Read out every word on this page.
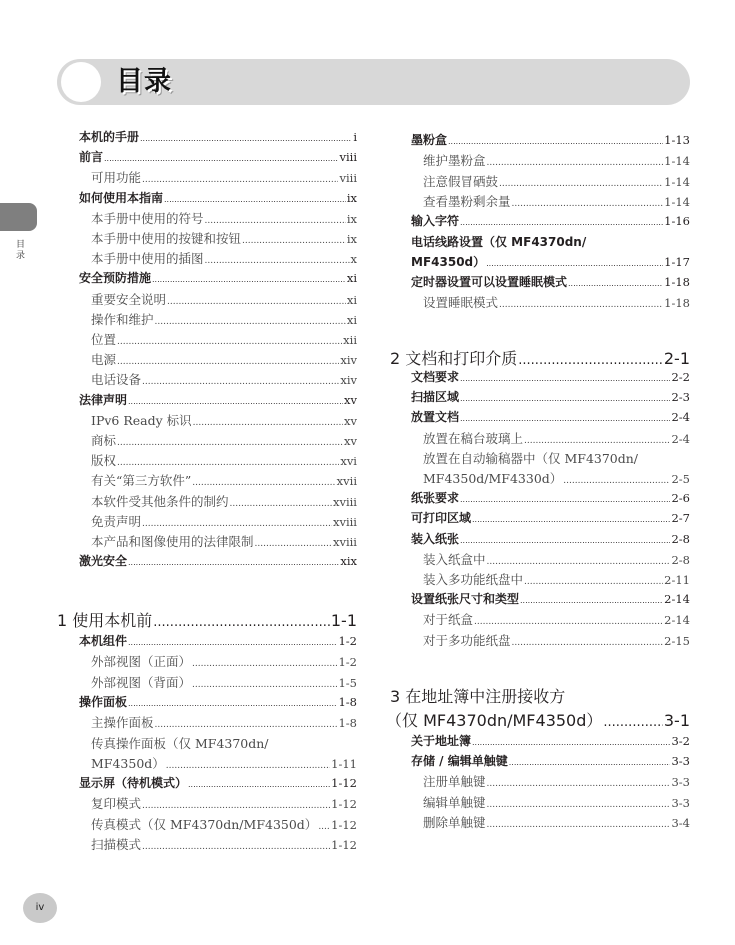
目录
目录
iv
本机的手册 .....	i
前言 .....	viii
可用功能 .....	viii
如何使用本指南 .....	ix
本手册中使用的符号 .....	ix
本手册中使用的按键和按钮 .....	ix
本手册中使用的插图 .....	x
安全预防措施 .....	xi
重要安全说明 .....	xi
操作和维护 .....	xi
位置 .....	xii
电源 .....	xiv
电话设备 .....	xiv
法律声明 .....	xv
IPv6 Ready 标识 .....	xv
商标 .....	xv
版权 .....	xvi
有关“第三方软件” .....	xvii
本软件受其他条件的制约 .....	xviii
免责声明 .....	xviii
本产品和图像使用的法律限制 .....	xviii
激光安全 .....	xix
1 使用本机前 .....	1-1
本机组件 .....	1-2
外部视图（正面） .....	1-2
外部视图（背面） .....	1-5
操作面板 .....	1-8
主操作面板 .....	1-8
传真操作面板（仅 MF4370dn/
MF4350d） .....	1-11
显示屏（待机模式） .....	1-12
复印模式 .....	1-12
传真模式（仅 MF4370dn/MF4350d） ..... 1-12
扫描模式 .....	1-12
墨粉盒 .....	1-13
维护墨粉盒 .....	1-14
注意假冒硒鼓 .....	1-14
查看墨粉剩余量 .....	1-14
输入字符 .....	1-16
电话线路设置（仅 MF4370dn/
MF4350d） .....	1-17
定时器设置可以设置睡眠模式 .....	1-18
设置睡眠模式 .....	1-18
2 文档和打印介质 .....	2-1
文档要求 .....	2-2
扫描区域 .....	2-3
放置文档 .....	2-4
放置在稿台玻璃上 .....	2-4
放置在自动输稿器中（仅 MF4370dn/
MF4350d/MF4330d） .....	2-5
纸张要求 .....	2-6
可打印区域 .....	2-7
装入纸张 .....	2-8
装入纸盒中 .....	2-8
装入多功能纸盘中 .....	2-11
设置纸张尺寸和类型 .....	2-14
对于纸盒 .....	2-14
对于多功能纸盘 .....	2-15
3 在地址簿中注册接收方
（仅 MF4370dn/MF4350d） .....	3-1
关于地址簿 .....	3-2
存储 / 编辑单触键 .....	3-3
注册单触键 .....	3-3
编辑单触键 .....	3-3
删除单触键 .....	3-4
